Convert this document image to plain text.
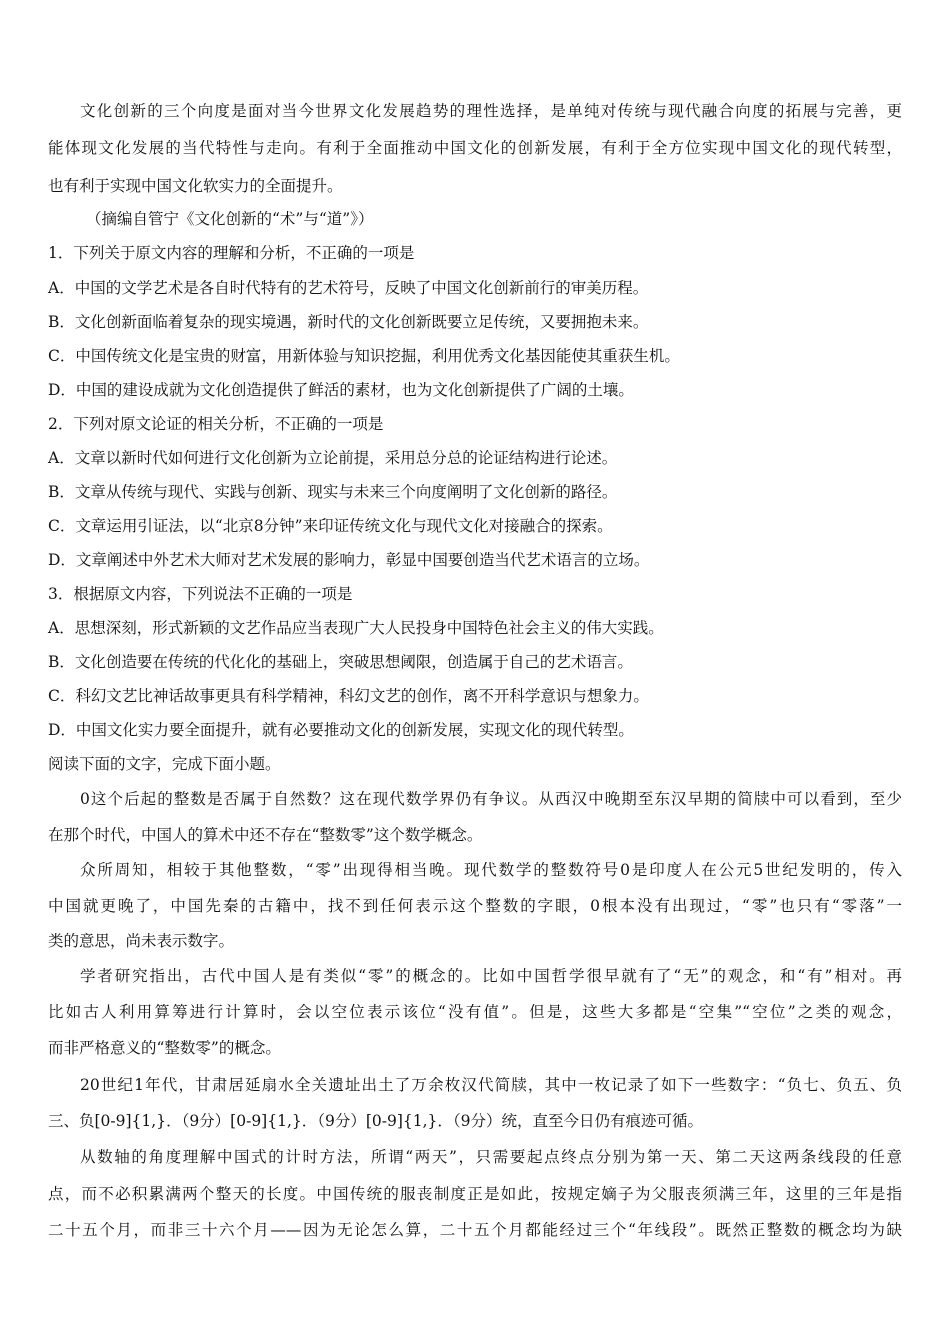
文化创新的三个向度是面对当今世界文化发展趋势的理性选择，是单纯对传统与现代融合向度的拓展与完善，更
能体现文化发展的当代特性与走向。有利于全面推动中国文化的创新发展，有利于全方位实现中国文化的现代转型，
也有利于实现中国文化软实力的全面提升。
（摘编自管宁《文化创新的“术”与“道”》）
1．下列关于原文内容的理解和分析，不正确的一项是
A．中国的文学艺术是各自时代特有的艺术符号，反映了中国文化创新前行的审美历程。
B．文化创新面临着复杂的现实境遇，新时代的文化创新既要立足传统，又要拥抱未来。
C．中国传统文化是宝贵的财富，用新体验与知识挖掘，利用优秀文化基因能使其重获生机。
D．中国的建设成就为文化创造提供了鲜活的素材，也为文化创新提供了广阔的土壤。
2．下列对原文论证的相关分析，不正确的一项是
A．文章以新时代如何进行文化创新为立论前提，采用总分总的论证结构进行论述。
B．文章从传统与现代、实践与创新、现实与未来三个向度阐明了文化创新的路径。
C．文章运用引证法，以“北京8分钟”来印证传统文化与现代文化对接融合的探索。
D．文章阐述中外艺术大师对艺术发展的影响力，彰显中国要创造当代艺术语言的立场。
3．根据原文内容，下列说法不正确的一项是
A．思想深刻，形式新颖的文艺作品应当表现广大人民投身中国特色社会主义的伟大实践。
B．文化创造要在传统的代化化的基础上，突破思想阈限，创造属于自己的艺术语言。
C．科幻文艺比神话故事更具有科学精神，科幻文艺的创作，离不开科学意识与想象力。
D．中国文化实力要全面提升，就有必要推动文化的创新发展，实现文化的现代转型。
阅读下面的文字，完成下面小题。
0这个后起的整数是否属于自然数？这在现代数学界仍有争议。从西汉中晚期至东汉早期的简牍中可以看到，至少
在那个时代，中国人的算术中还不存在“整数零”这个数学概念。
众所周知，相较于其他整数，“零”出现得相当晚。现代数学的整数符号0是印度人在公元5世纪发明的，传入
中国就更晚了，中国先秦的古籍中，找不到任何表示这个整数的字眼，0根本没有出现过，“零”也只有“零落”一
类的意思，尚未表示数字。
学者研究指出，古代中国人是有类似“零”的概念的。比如中国哲学很早就有了“无”的观念，和“有”相对。再
比如古人利用算筹进行计算时，会以空位表示该位“没有值”。但是，这些大多都是“空集”“空位”之类的观念，
而非严格意义的“整数零”的概念。
20世纪1年代，甘肃居延扇水全关遗址出土了万余枚汉代简牍，其中一枚记录了如下一些数字：“负七、负五、负
三、负[0-9]{1,}．（9分）[0-9]{1,}．（9分）[0-9]{1,}．（9分）统，直至今日仍有痕迹可循。
从数轴的角度理解中国式的计时方法，所谓“两天”，只需要起点终点分别为第一天、第二天这两条线段的任意
点，而不必积累满两个整天的长度。中国传统的服丧制度正是如此，按规定嫡子为父服丧须满三年，这里的三年是指
二十五个月，而非三十六个月——因为无论怎么算，二十五个月都能经过三个“年线段”。既然正整数的概念均为缺
